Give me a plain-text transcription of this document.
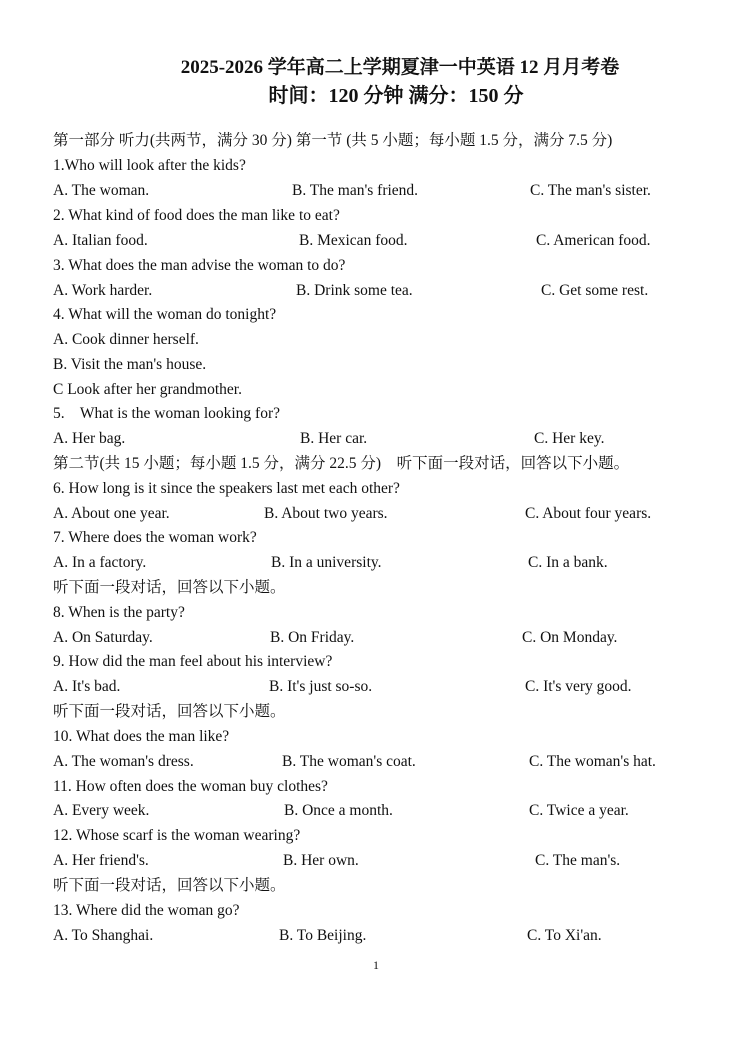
2025-2026 学年高二上学期夏津一中英语 12 月月考卷
时间：120 分钟 满分：150 分
第一部分 听力(共两节，满分 30 分) 第一节 (共 5 小题；每小题 1.5 分，满分 7.5 分)
1.Who will look after the kids?
A. The woman.	B. The man's friend.	C. The man's sister.
2. What kind of food does the man like to eat?
A. Italian food.	B. Mexican food.	C. American food.
3. What does the man advise the woman to do?
A. Work harder.	B. Drink some tea.	C. Get some rest.
4. What will the woman do tonight?
A. Cook dinner herself.
B. Visit the man's house.
C Look after her grandmother.
5.    What is the woman looking for?
A. Her bag.	B. Her car.	C. Her key.
第二节(共 15 小题；每小题 1.5 分，满分 22.5 分)    听下面一段对话，回答以下小题。
6. How long is it since the speakers last met each other?
A. About one year.	B. About two years.	C. About four years.
7. Where does the woman work?
A. In a factory.	B. In a university.	C. In a bank.
听下面一段对话，回答以下小题。
8. When is the party?
A. On Saturday.	B. On Friday.	C. On Monday.
9. How did the man feel about his interview?
A. It's bad.	B. It's just so-so.	C. It's very good.
听下面一段对话，回答以下小题。
10. What does the man like?
A. The woman's dress.	B. The woman's coat.	C. The woman's hat.
11. How often does the woman buy clothes?
A. Every week.	B. Once a month.	C. Twice a year.
12. Whose scarf is the woman wearing?
A. Her friend's.	B. Her own.	C. The man's.
听下面一段对话，回答以下小题。
13. Where did the woman go?
A. To Shanghai.	B. To Beijing.	C. To Xi'an.
1
